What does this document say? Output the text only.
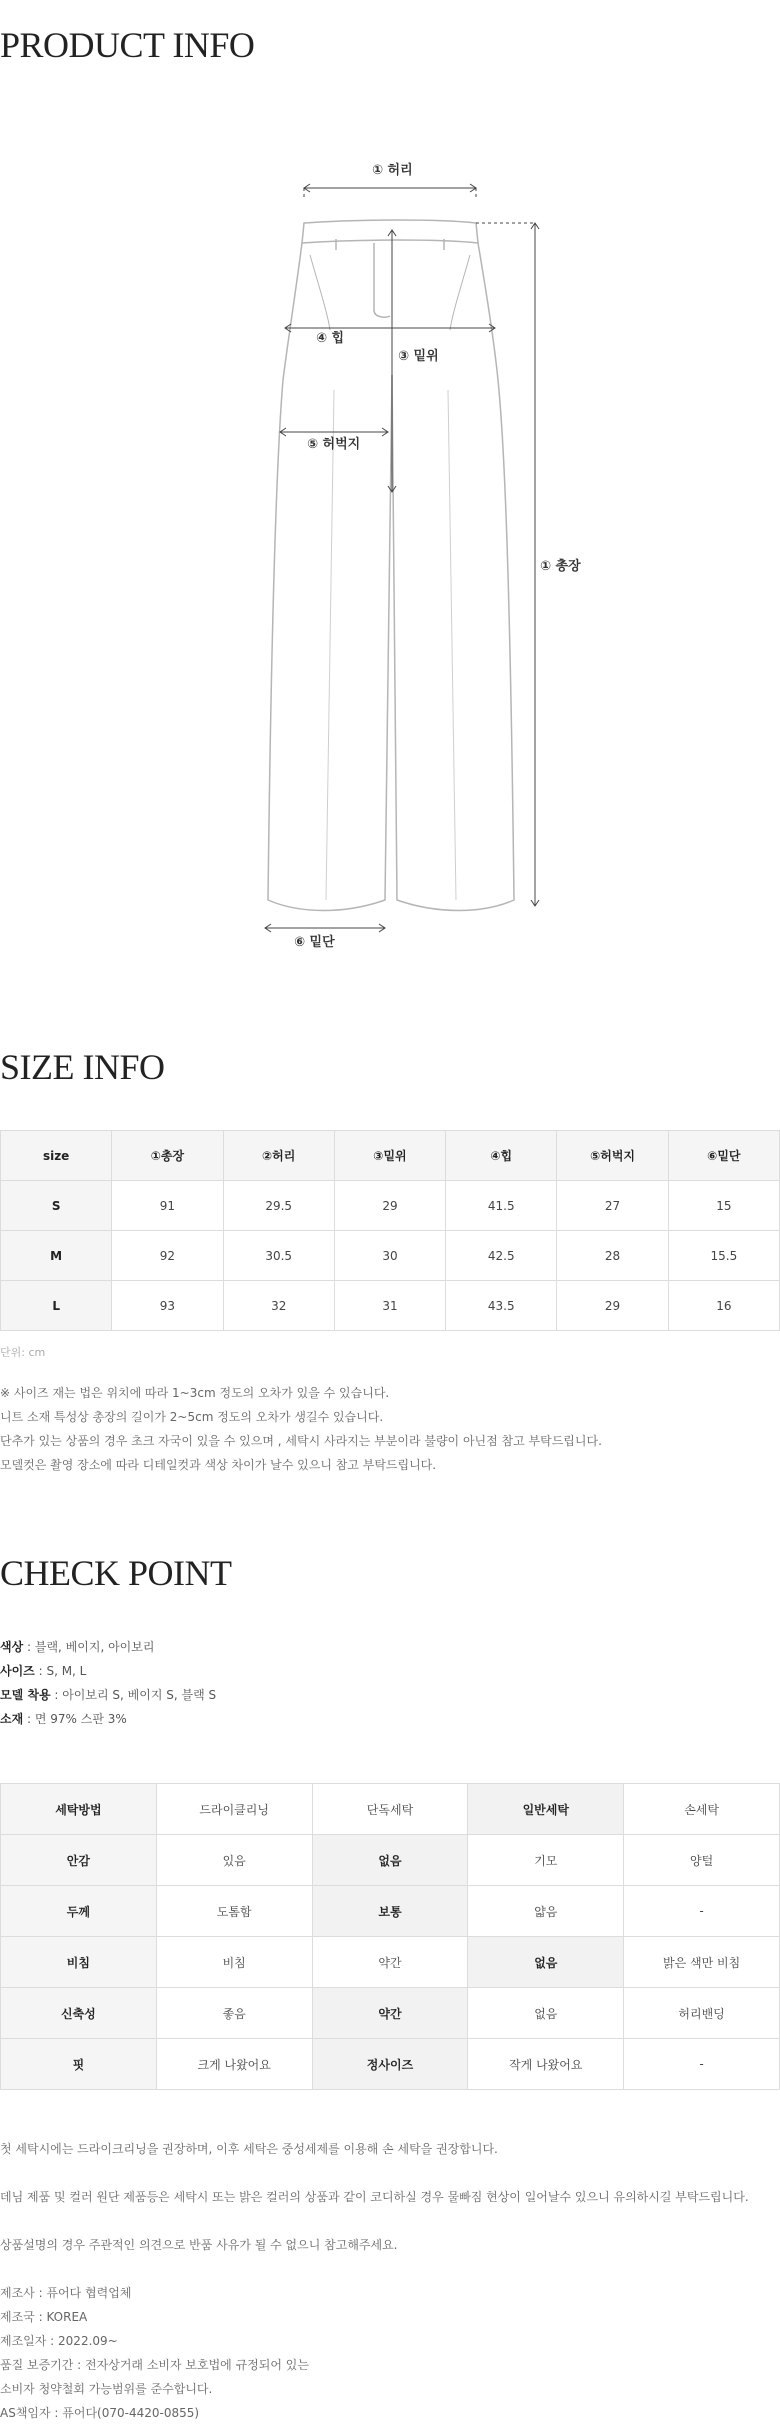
PRODUCT INFO
① 허리
④ 힙
③ 밑위
⑤ 허벅지
① 총장
⑥ 밑단
SIZE INFO
size	①총장	②허리	③밑위	④힙	⑤허벅지	⑥밑단
S	91	29.5	29	41.5	27	15
M	92	30.5	30	42.5	28	15.5
L	93	32	31	43.5	29	16
단위: cm
※ 사이즈 재는 법은 위치에 따라 1~3cm 정도의 오차가 있을 수 있습니다.
니트 소재 특성상 총장의 길이가 2~5cm 정도의 오차가 생길수 있습니다.
단추가 있는 상품의 경우 초크 자국이 있을 수 있으며 , 세탁시 사라지는 부분이라 불량이 아닌점 참고 부탁드립니다.
모델컷은 촬영 장소에 따라 디테일컷과 색상 차이가 날수 있으니 참고 부탁드립니다.
CHECK POINT
색상 : 블랙, 베이지, 아이보리
사이즈 : S, M, L
모델 착용 : 아이보리 S, 베이지 S, 블랙 S
소재 : 면 97% 스판 3%
세탁방법	드라이클리닝	단독세탁	일반세탁	손세탁
안감	있음	없음	기모	양털
두께	도톰함	보통	얇음	-
비침	비침	약간	없음	밝은 색만 비침
신축성	좋음	약간	없음	허리밴딩
핏	크게 나왔어요	정사이즈	작게 나왔어요	-
첫 세탁시에는 드라이크리닝을 권장하며, 이후 세탁은 중성세제를 이용해 손 세탁을 권장합니다.
데님 제품 및 컬러 원단 제품등은 세탁시 또는 밝은 컬러의 상품과 같이 코디하실 경우 물빠짐 현상이 일어날수 있으니 유의하시길 부탁드립니다.
상품설명의 경우 주관적인 의견으로 반품 사유가 될 수 없으니 참고해주세요.
제조사 : 퓨어다 협력업체
제조국 : KOREA
제조일자 : 2022.09~
품질 보증기간 : 전자상거래 소비자 보호법에 규정되어 있는
소비자 청약철회 가능범위를 준수합니다.
AS책임자 : 퓨어다(070-4420-0855)
